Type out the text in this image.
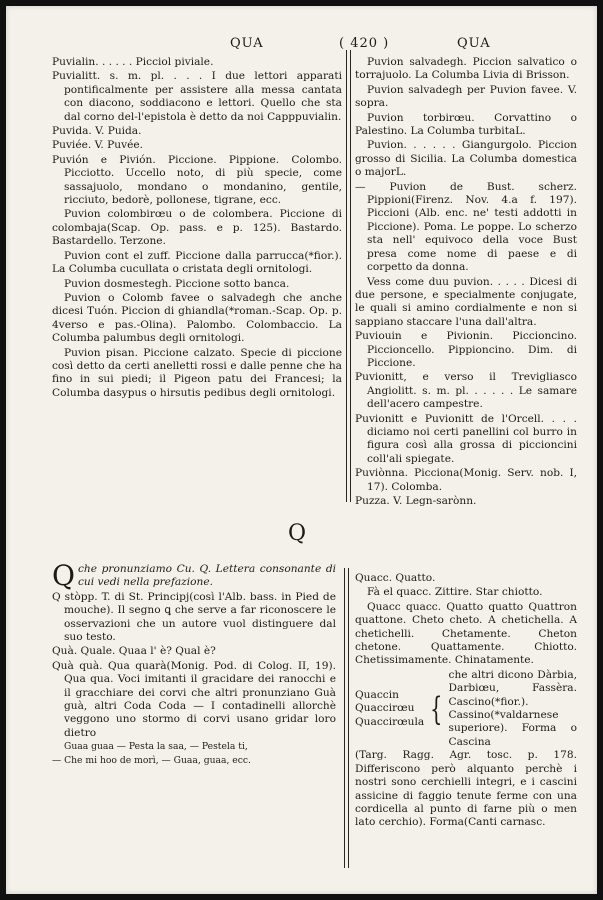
QUA	( 420 )	QUA

Puvialin. . . . . . Picciol piviale.

Puvialitt. s. m. pl. . . . I due lettori apparati pontificalmente per assistere alla messa cantata con diacono, soddiacono e lettori. Quello che sta dal corno del-l'epistola è detto da noi Capppuvialin.

Puvida. V. Puida.

Puviée. V. Puvée.

Puvión e Pivión. Piccione. Pippione. Colombo. Picciotto. Uccello noto, di più specie, come sassajuolo, mondano o mondanino, gentile, ricciuto, bedorè, pollonese, tigrane, ecc.

Puvion colombirœu o de colombera. Piccione di colombaja(Scap. Op. pass. e p. 125). Bastardo. Bastardello. Terzone.

Puvion cont el zuff. Piccione dalla parrucca(*fior.). La Columba cucullata o cristata degli ornitologi.

Puvion dosmestegh. Piccione sotto banca.

Puvion o Colomb favee o salvadegh che anche dicesi Tuón. Piccion di ghiandla(*roman.-Scap. Op. p. 4verso e pas.-Olina). Palombo. Colombaccio. La Columba palumbus degli ornitologi.

Puvion pisan. Piccione calzato. Specie di piccione così detto da certi anelletti rossi e dalle penne che ha fino in sui piedi; il Pigeon patu dei Francesi; la Columba dasypus o hirsutis pedibus degli ornitologi.

Puvion salvadegh. Piccion salvatico o torrajuolo. La Columba Livia di Brisson.

Puvion salvadegh per Puvion favee. V. sopra.

Puvion torbirœu. Corvattino o Palestino. La Columba turbitaL.

Puvion. . . . . . Giangurgolo. Piccion grosso di Sicilia. La Columba domestica o majorL.

— Puvion de Bust. scherz. Pippioni(Firenz. Nov. 4.a f. 197). Piccioni (Alb. enc. ne' testi addotti in Piccione). Poma. Le poppe. Lo scherzo sta nell' equivoco della voce Bust presa come nome di paese e di corpetto da donna.

Vess come duu puvion. . . . . Dicesi di due persone, e specialmente conjugate, le quali si amino cordialmente e non si sappiano staccare l'una dall'altra.

Puviouin e Pivionin. Piccioncino. Piccioncello. Pippioncino. Dim. di Piccione.

Puvionitt, e verso il Treviglіasco Angiolitt. s. m. pl. . . . . . Le samare dell'acero campestre.

Puvionitt e Puvionitt de l'Orcell. . . . diciamo noi certi panellini col burro in figura così alla grossa di piccioncini coll'ali spiegate.

Puviònna. Picciona(Monig. Serv. nob. I, 17). Colomba.

Puzza. V. Legn-sarònn.

Q

Q che pronunziamo Cu. Q. Lettera consonante di cui vedi nella prefazione.

Q stòpp. T. di St. Principj(così l'Alb. bass. in Pied de mouche). Il segno ꝗ che serve a far riconoscere le osservazioni che un autore vuol distinguere dal suo testo.

Quà. Quale. Quaa l' è? Qual è?

Quà quà. Qua quarà(Monig. Pod. di Colog. II, 19). Qua qua. Voci imitanti il gracidare dei ranocchi e il gracchiare dei corvi che altri pronunziano Guà guà, altri Coda Coda — I contadinelli allorchè veggono uno stormo di corvi usano gridar loro dietro

Guaa guaa — Pesta la saa, — Pestela ti,

— Che mi hoo de morì, — Guaa, guaa, ecc.

Quacc. Quatto.

Fà el quacc. Zittire. Star chiotto.

Quacc quacc. Quatto quatto Quattron quattone. Cheto cheto. A chetichella. A chetichelli. Chetamente. Cheton chetone. Quattamente. Chiotto. Chetissimamente. Chinatamente.

Quaccin
Quaccirœu
Quaccirœula {
che altri dicono Dàrbia, Darbiœu, Fassèra. Cascino(*fior.). Cassino(*valdarnese superiore). Forma o Cascina

(Targ. Ragg. Agr. tosc. p. 178. Differiscono però alquanto perchè i nostri sono cerchielli integri, e i cascini assicine di faggio tenute ferme con una cordicella al punto di farne più o men lato cerchio). Forma(Canti carnasc.
